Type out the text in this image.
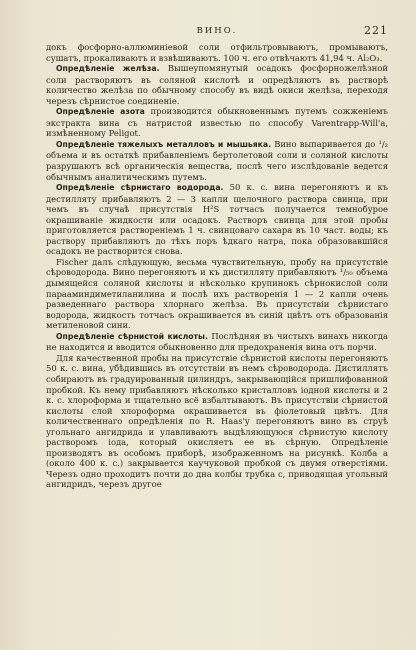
ВИНО.	221

докъ фосфорно-аллюминіевой соли отфильтровываютъ, промываютъ, сушатъ, прокаливаютъ и взвѣшиваютъ. 100 ч. его отвѣчаютъ 41,94 ч. Al₂O₃.

Опредѣленіе желѣза. Вышеупомянутый осадокъ фосфорножелѣзной соли растворяютъ въ соляной кислотѣ и опредѣляютъ въ растворѣ количество желѣза по обычному способу въ видѣ окиси желѣза, переходя черезъ сѣрнистое соединеніе.

Опредѣленіе азота производится обыкновеннымъ путемъ сожженіемъ экстракта вина съ натристой известью по способу Varentrapp-Will'а, измѣненному Peligot.

Опредѣленіе тяжелыхъ металловъ и мышьяка. Вино выпаривается до ¹/₂ объема и въ остаткѣ прибавленіемъ бертолетовой соли и соляной кислоты разрушаютъ всѣ органическія вещества, послѣ чего изслѣдованіе ведется обычнымъ аналитическимъ путемъ.

Опредѣленіе сѣрнистаго водорода. 50 к. с. вина перегоняютъ и къ дестилляту прибавляютъ 2 — 3 капли щелочного раствора свинца, при чемъ въ случаѣ присутствія H²S тотчасъ получается темнобурое окрашиваніе жидкости или осадокъ. Растворъ свинца для этой пробы приготовляется раствореніемъ 1 ч. свинцоваго сахара въ 10 част. воды; къ раствору прибавляютъ до тѣхъ поръ ѣдкаго натра, пока образовавшійся осадокъ не растворится снова.

Fischer далъ слѣдующую, весьма чувствительную, пробу на присутствіе сѣроводорода. Вино перегоняютъ и къ дистилляту прибавляютъ ¹/₅₀ объема дымящейся соляной кислоты и нѣсколько крупинокъ сѣрнокислой соли парааминдиметиланилина и послѣ ихъ растворенія 1 — 2 капли очень разведеннаго раствора хлорнаго желѣза. Въ присутствіи сѣрнистаго водорода, жидкость тотчасъ окрашивается въ синій цвѣтъ отъ образованія метиленовой сини.

Опредѣленіе сѣрнистой кислоты. Послѣдняя въ чистыхъ винахъ никогда не находится и вводится обыкновенно для предохраненія вина отъ порчи.

Для качественной пробы на присутствіе сѣрнистой кислоты перегоняютъ 50 к. с. вина, убѣдившись въ отсутствіи въ немъ сѣроводорода. Дистиллятъ собираютъ въ градуированный цилиндръ, закрывающійся пришлифованной пробкой. Къ нему прибавляютъ нѣсколько кристалловъ іодной кислоты и 2 к. с. хлороформа и тщательно всё взбалтываютъ. Въ присутствіи сѣрнистой кислоты слой хлороформа окрашивается въ фіолетовый цвѣтъ. Для количественнаго опредѣленія по R. Haas'у перегоняютъ вино въ струѣ угольнаго ангидрида и улавливаютъ выдѣляющуюся сѣрнистую кислоту растворомъ іода, который окисляетъ ее въ сѣрную. Опредѣленіе производятъ въ особомъ приборѣ, изображенномъ на рисункѣ. Колба a (около 400 к. с.) закрывается каучуковой пробкой съ двумя отверстіями. Черезъ одно проходитъ почти до дна колбы трубка c, приводящая угольный ангидридъ, черезъ другое
